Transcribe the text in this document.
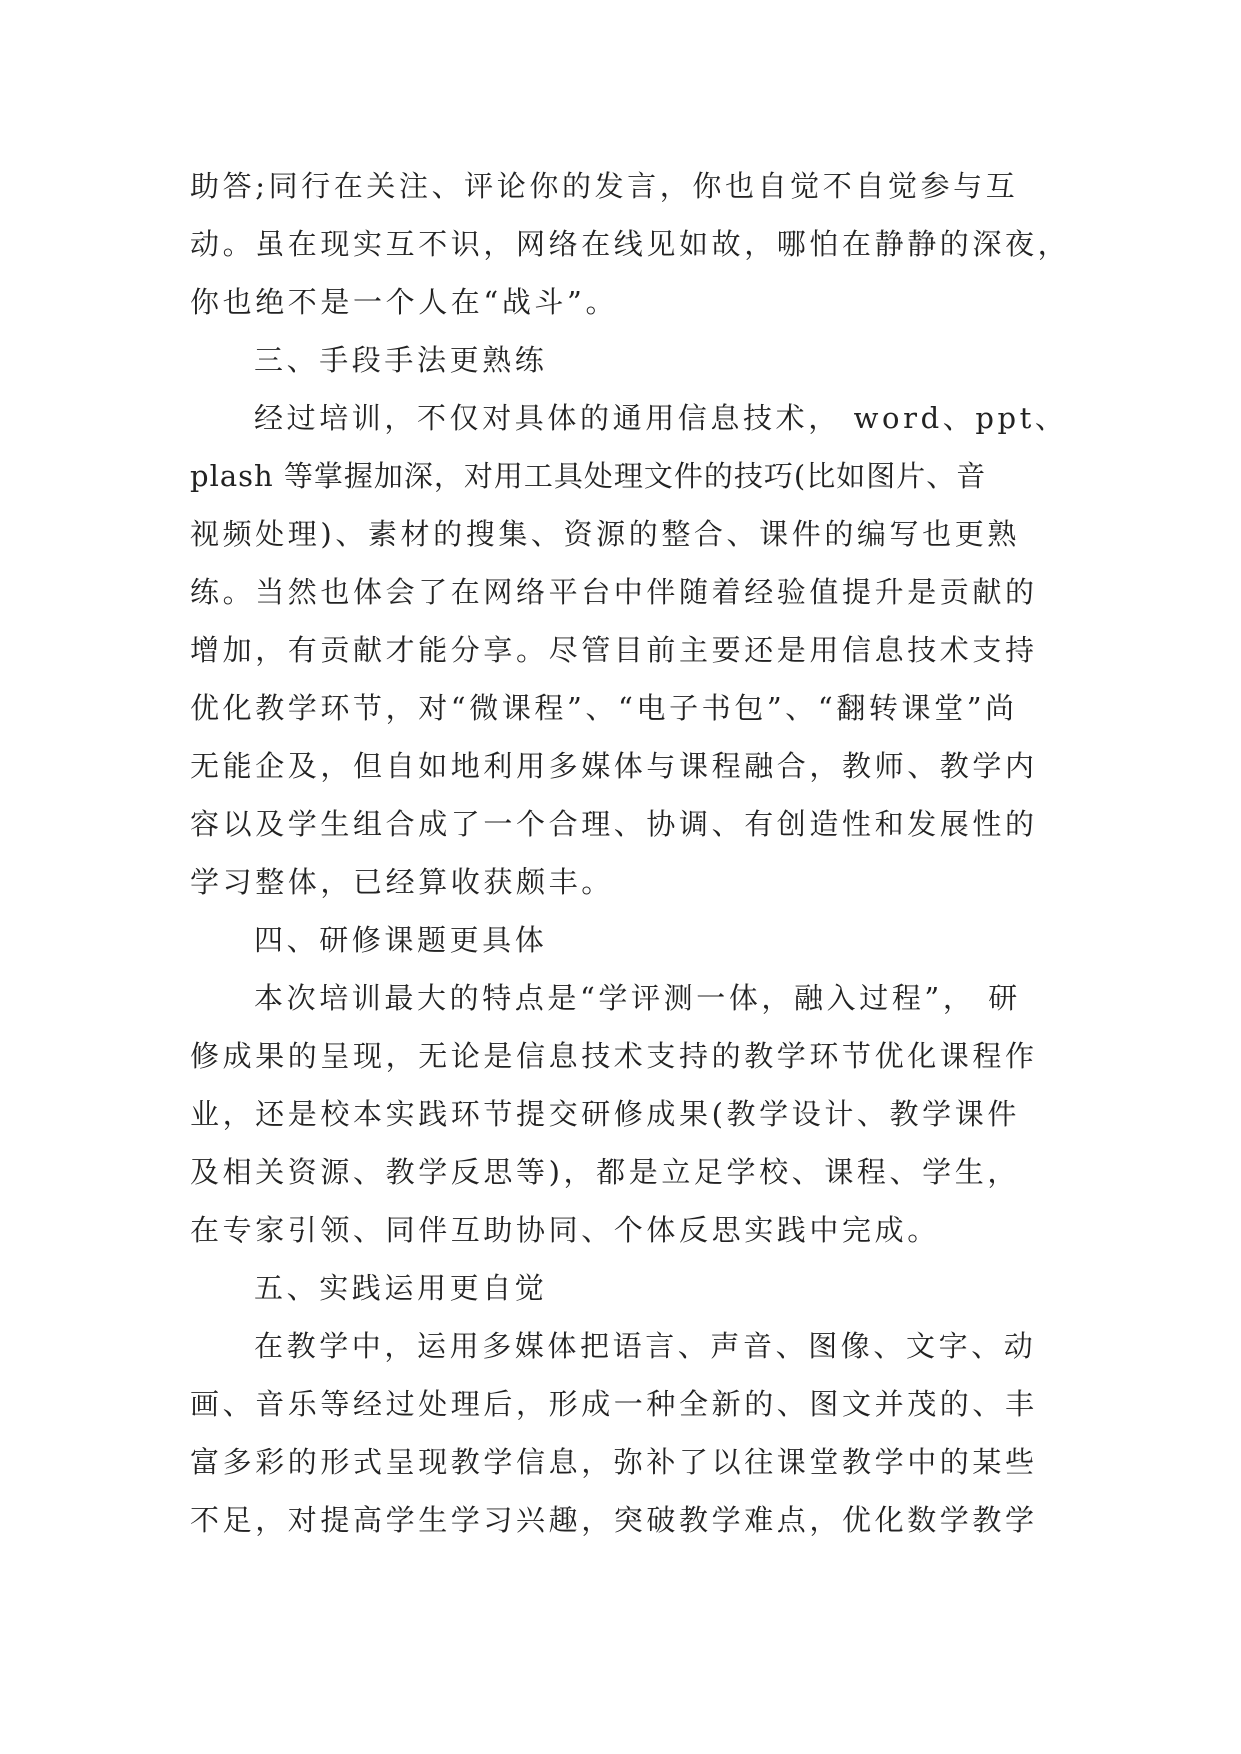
助答;同行在关注、评论你的发言，你也自觉不自觉参与互
动。虽在现实互不识，网络在线见如故，哪怕在静静的深夜，
你也绝不是一个人在“战斗”。
三、手段手法更熟练
经过培训，不仅对具体的通用信息技术， word、ppt、
plash 等掌握加深，对用工具处理文件的技巧(比如图片、音
视频处理)、素材的搜集、资源的整合、课件的编写也更熟
练。当然也体会了在网络平台中伴随着经验值提升是贡献的
增加，有贡献才能分享。尽管目前主要还是用信息技术支持
优化教学环节，对“微课程”、“电子书包”、“翻转课堂”尚
无能企及，但自如地利用多媒体与课程融合，教师、教学内
容以及学生组合成了一个合理、协调、有创造性和发展性的
学习整体，已经算收获颇丰。
四、研修课题更具体
本次培训最大的特点是“学评测一体，融入过程”， 研
修成果的呈现，无论是信息技术支持的教学环节优化课程作
业，还是校本实践环节提交研修成果(教学设计、教学课件
及相关资源、教学反思等)，都是立足学校、课程、学生，
在专家引领、同伴互助协同、个体反思实践中完成。
五、实践运用更自觉
在教学中，运用多媒体把语言、声音、图像、文字、动
画、音乐等经过处理后，形成一种全新的、图文并茂的、丰
富多彩的形式呈现教学信息，弥补了以往课堂教学中的某些
不足，对提高学生学习兴趣，突破教学难点，优化数学教学
